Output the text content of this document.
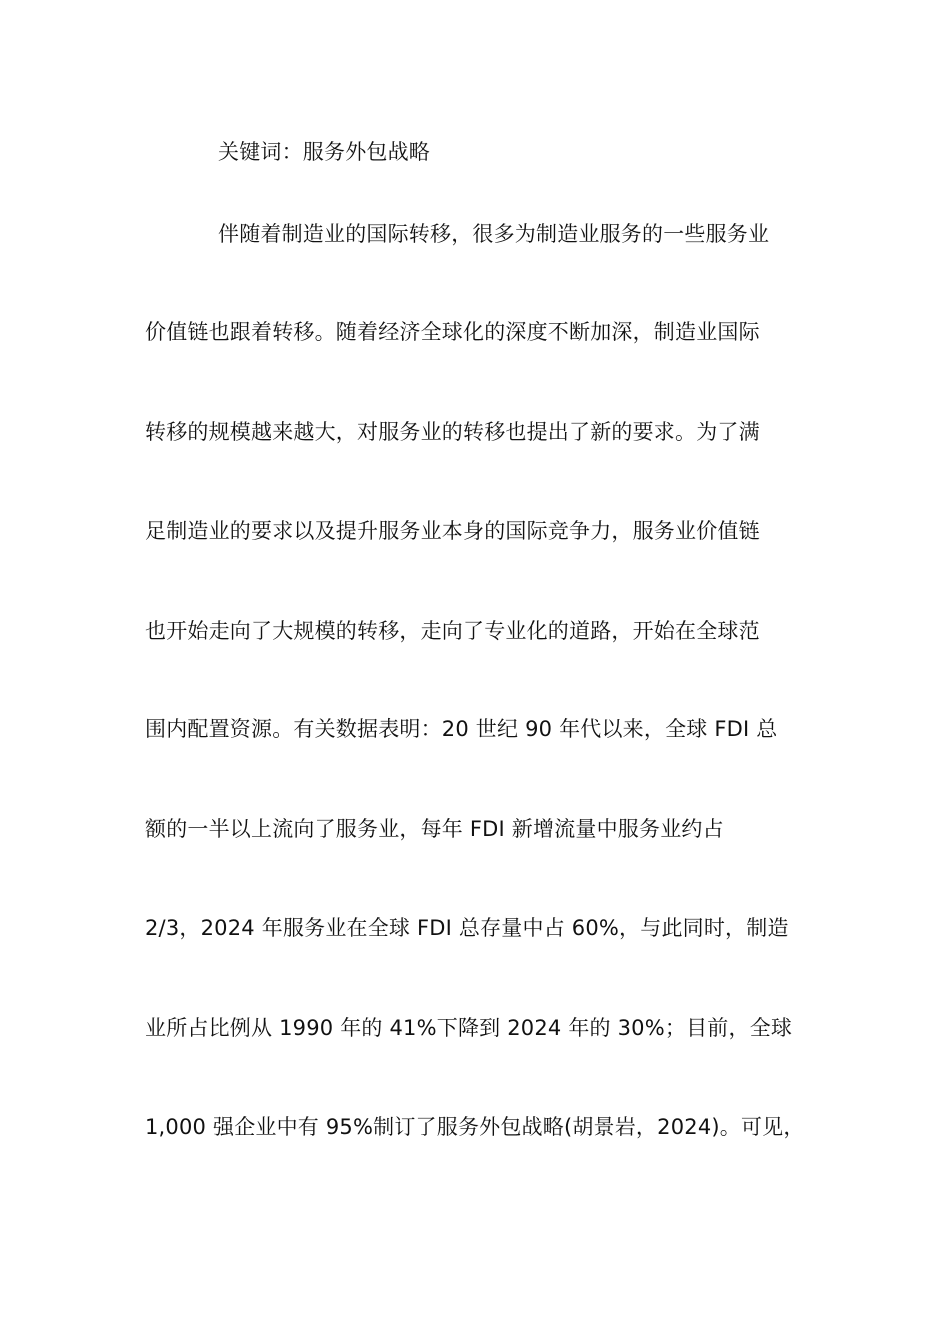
关键词：服务外包战略
伴随着制造业的国际转移，很多为制造业服务的一些服务业
价值链也跟着转移。随着经济全球化的深度不断加深，制造业国际
转移的规模越来越大，对服务业的转移也提出了新的要求。为了满
足制造业的要求以及提升服务业本身的国际竞争力，服务业价值链
也开始走向了大规模的转移，走向了专业化的道路，开始在全球范
围内配置资源。有关数据表明：20 世纪 90 年代以来，全球 FDI 总
额的一半以上流向了服务业，每年 FDI 新增流量中服务业约占
2/3，2024 年服务业在全球 FDI 总存量中占 60%，与此同时，制造
业所占比例从 1990 年的 41%下降到 2024 年的 30%；目前，全球
1,000 强企业中有 95%制订了服务外包战略(胡景岩，2024)。可见，
